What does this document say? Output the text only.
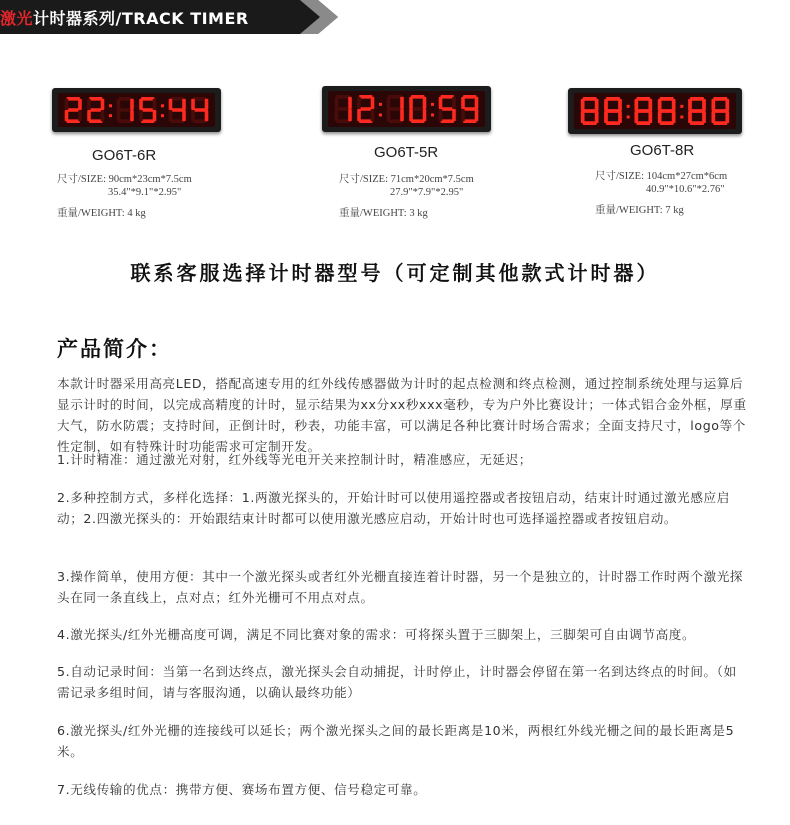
激光计时器系列/TRACK TIMER
GO6T-6R
尺寸/SIZE: 90cm*23cm*7.5cm
35.4"*9.1"*2.95"
重量/WEIGHT: 4 kg
GO6T-5R
尺寸/SIZE: 71cm*20cm*7.5cm
27.9"*7.9"*2.95"
重量/WEIGHT: 3 kg
GO6T-8R
尺寸/SIZE: 104cm*27cm*6cm
40.9"*10.6"*2.76"
重量/WEIGHT: 7 kg
联系客服选择计时器型号（可定制其他款式计时器）
产品简介：
本款计时器采用高亮LED，搭配高速专用的红外线传感器做为计时的起点检测和终点检测，通过控制系统处理与运算后显示计时的时间，以完成高精度的计时，显示结果为xx分xx秒xxx毫秒，专为户外比赛设计；一体式铝合金外框，厚重大气，防水防震；支持时间，正倒计时，秒表，功能丰富，可以满足各种比赛计时场合需求；全面支持尺寸，logo等个性定制，如有特殊计时功能需求可定制开发。
1.计时精准：通过激光对射，红外线等光电开关来控制计时，精准感应，无延迟；
2.多种控制方式，多样化选择：1.两激光探头的，开始计时可以使用遥控器或者按钮启动，结束计时通过激光感应启动；2.四激光探头的：开始跟结束计时都可以使用激光感应启动，开始计时也可选择遥控器或者按钮启动。
3.操作简单，使用方便：其中一个激光探头或者红外光栅直接连着计时器，另一个是独立的，计时器工作时两个激光探头在同一条直线上，点对点；红外光栅可不用点对点。
4.激光探头/红外光栅高度可调，满足不同比赛对象的需求：可将探头置于三脚架上，三脚架可自由调节高度。
5.自动记录时间：当第一名到达终点，激光探头会自动捕捉，计时停止，计时器会停留在第一名到达终点的时间。（如需记录多组时间，请与客服沟通，以确认最终功能）
6.激光探头/红外光栅的连接线可以延长；两个激光探头之间的最长距离是10米，两根红外线光栅之间的最长距离是5米。
7.无线传输的优点：携带方便、赛场布置方便、信号稳定可靠。
